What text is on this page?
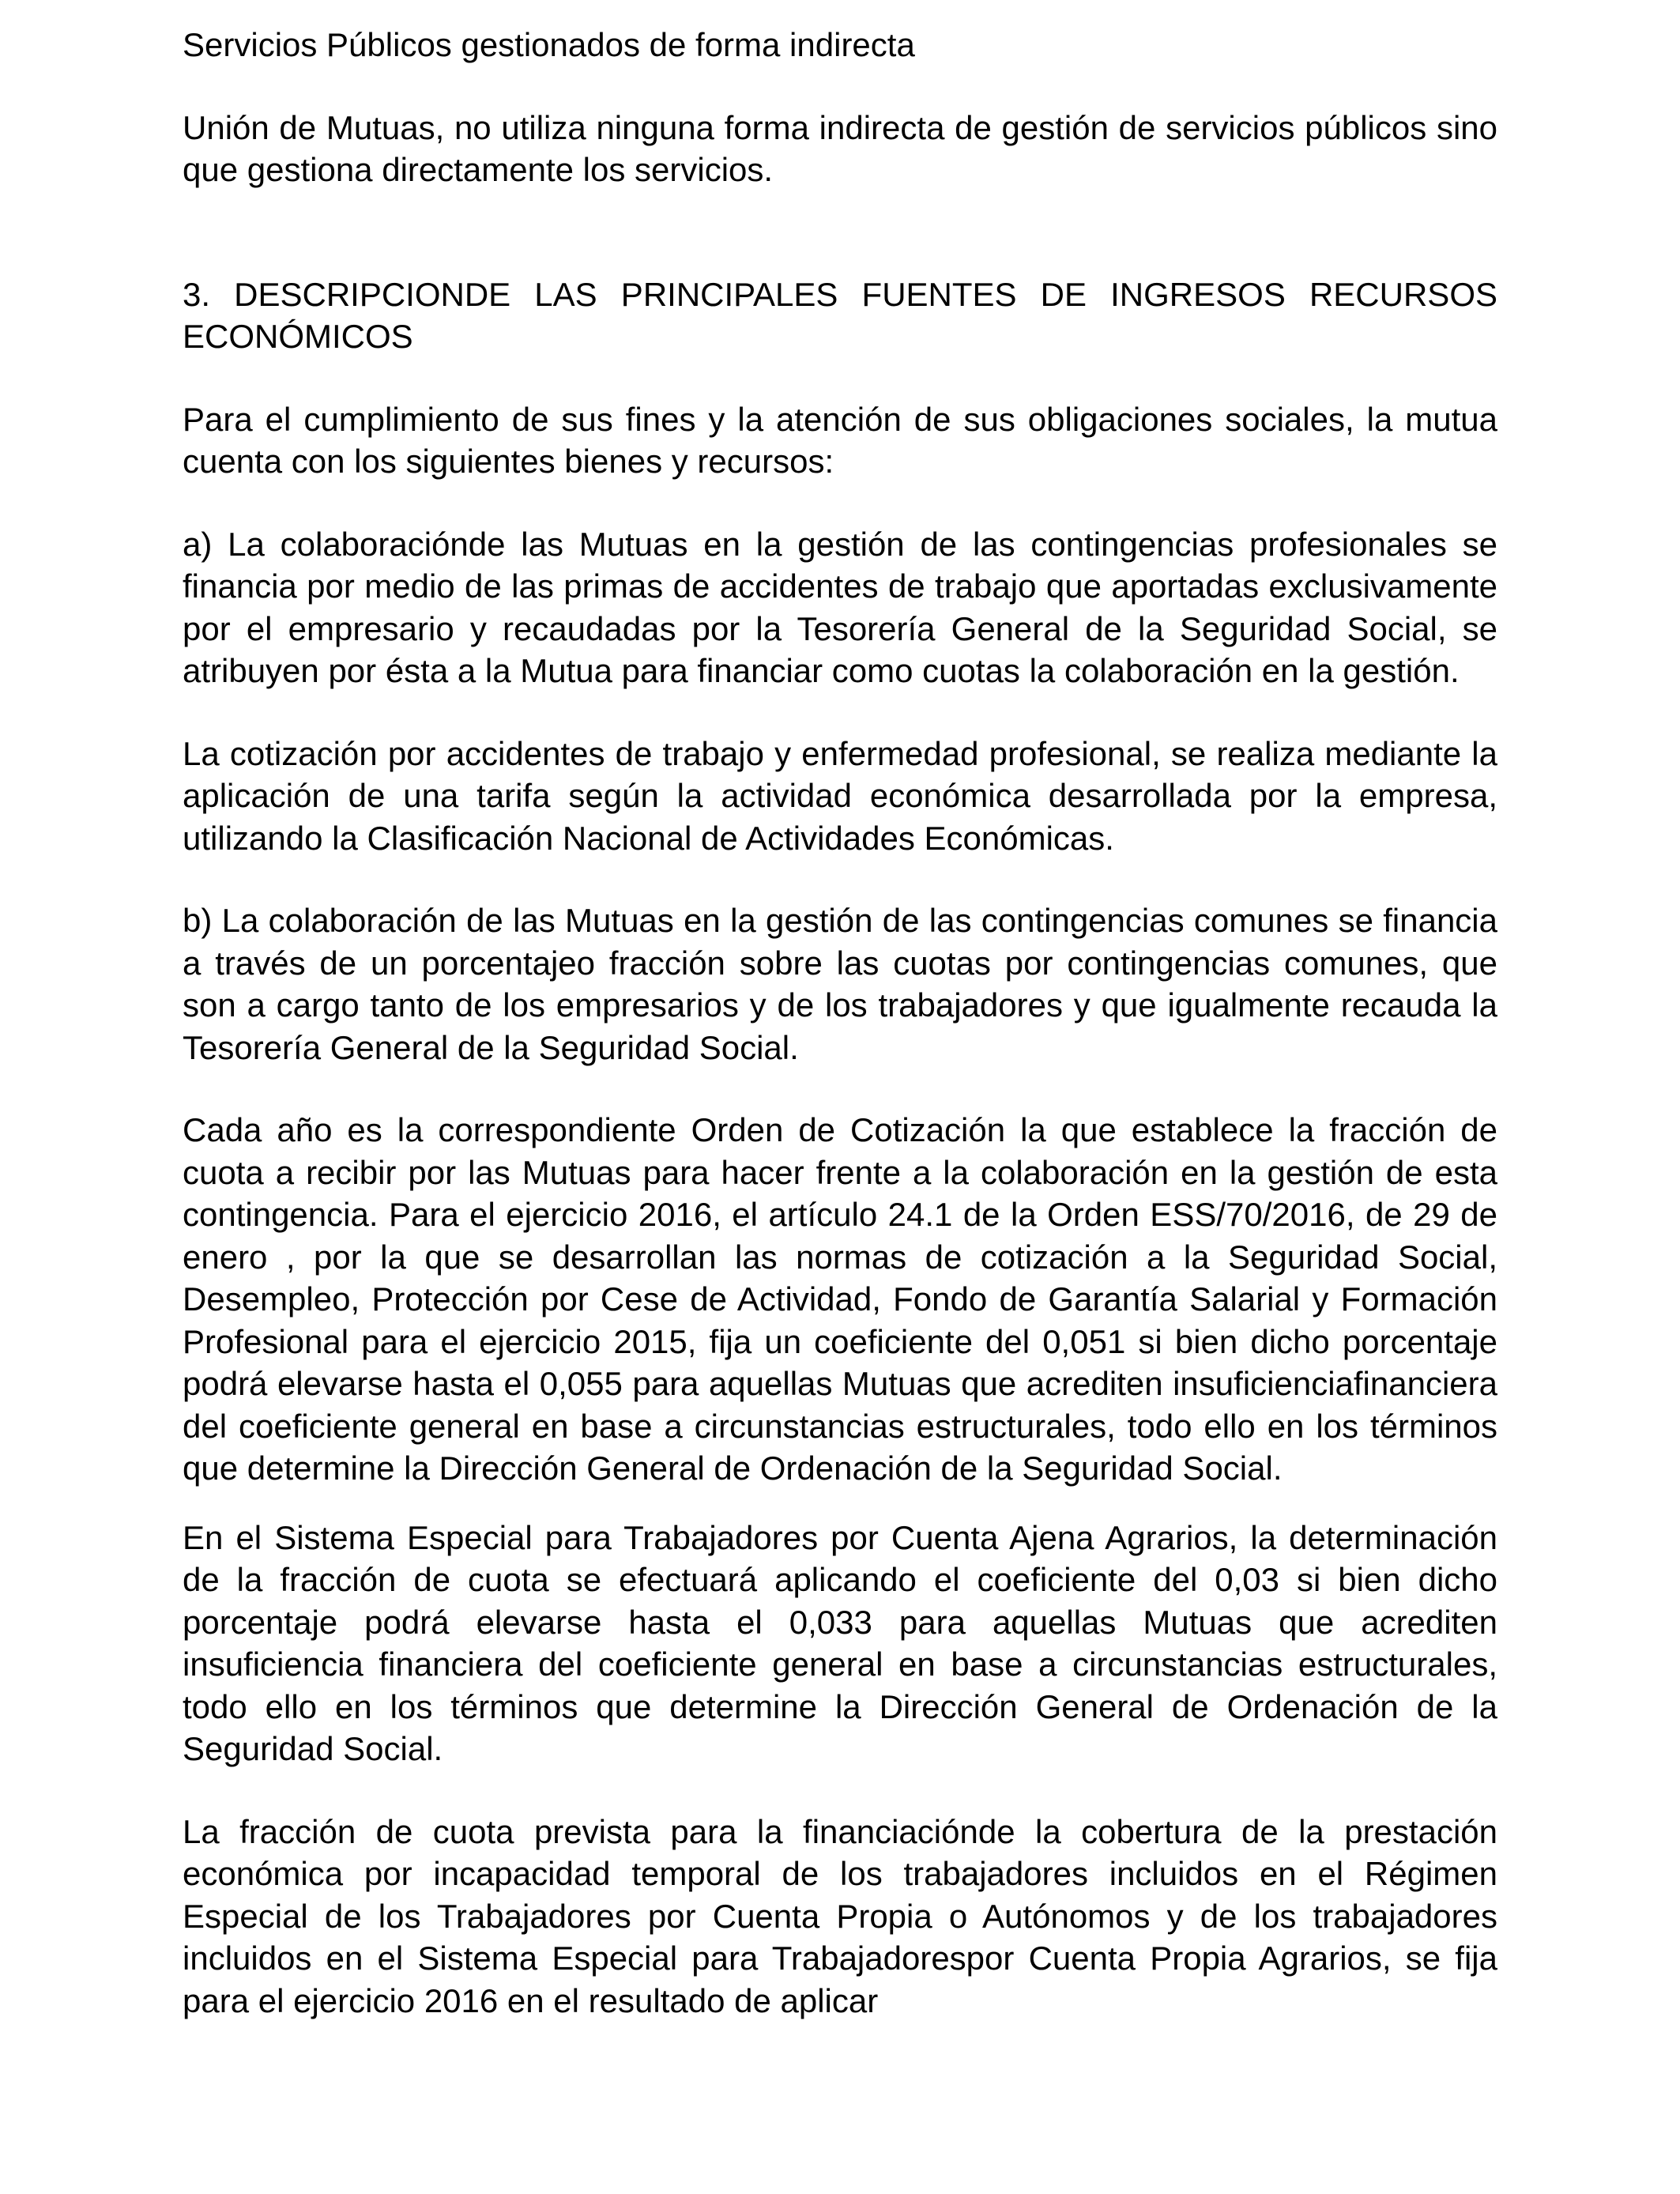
Servicios Públicos gestionados de forma indirecta

Unión de Mutuas, no utiliza ninguna forma indirecta de gestión de servicios públicos sino que gestiona directamente los servicios.

3. DESCRIPCIONDE LAS PRINCIPALES FUENTES DE INGRESOS RECURSOS ECONÓMICOS

Para el cumplimiento de sus fines y la atención de sus obligaciones sociales, la mutua cuenta con los siguientes bienes y recursos:

a) La colaboraciónde las Mutuas en la gestión de las contingencias profesionales se financia por medio de las primas de accidentes de trabajo que aportadas exclusivamente por el empresario y recaudadas por la Tesorería General de la Seguridad Social, se atribuyen por ésta a la Mutua para financiar como cuotas la colaboración en la gestión.

La cotización por accidentes de trabajo y enfermedad profesional, se realiza mediante la aplicación de una tarifa según la actividad económica desarrollada por la empresa, utilizando la Clasificación Nacional de Actividades Económicas.

b) La colaboración de las Mutuas en la gestión de las contingencias comunes se financia a través de un porcentajeo fracción sobre las cuotas por contingencias comunes, que son a cargo tanto de los empresarios y de los trabajadores y que igualmente recauda la Tesorería General de la Seguridad Social.

Cada año es la correspondiente Orden de Cotización la que establece la fracción de cuota a recibir por las Mutuas para hacer frente a la colaboración en la gestión de esta contingencia. Para el ejercicio 2016, el artículo 24.1 de la Orden ESS/70/2016, de 29 de enero , por la que se desarrollan las normas de cotización a la Seguridad Social, Desempleo, Protección por Cese de Actividad, Fondo de Garantía Salarial y Formación Profesional para el ejercicio 2015, fija un coeficiente del 0,051 si bien dicho porcentaje podrá elevarse hasta el 0,055 para aquellas Mutuas que acrediten insuficienciafinanciera del coeficiente general en base a circunstancias estructurales, todo ello en los términos que determine la Dirección General de Ordenación de la Seguridad Social.

En el Sistema Especial para Trabajadores por Cuenta Ajena Agrarios, la determinación de la fracción de cuota se efectuará aplicando el coeficiente del 0,03 si bien dicho porcentaje podrá elevarse hasta el 0,033 para aquellas Mutuas que acrediten insuficiencia financiera del coeficiente general en base a circunstancias estructurales, todo ello en los términos que determine la Dirección General de Ordenación de la Seguridad Social.

La fracción de cuota prevista para la financiaciónde la cobertura de la prestación económica por incapacidad temporal de los trabajadores incluidos en el Régimen Especial de los Trabajadores por Cuenta Propia o Autónomos y de los trabajadores incluidos en el Sistema Especial para Trabajadorespor Cuenta Propia Agrarios, se fija para el ejercicio 2016 en el resultado de aplicar
